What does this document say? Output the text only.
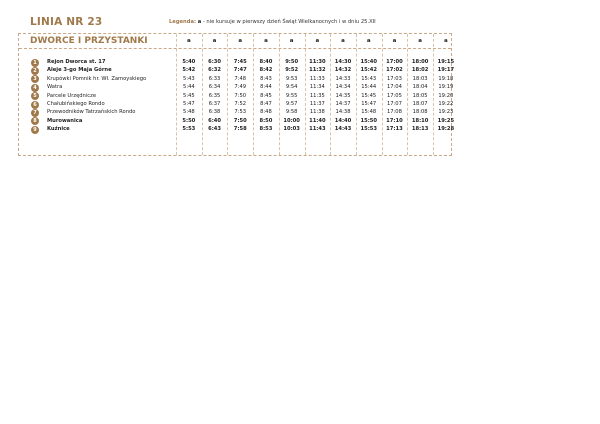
LINIA NR 23	Legenda: a - nie kursuje w pierwszy dzień Świąt Wielkanocnych i w dniu 25.XII
DWORCE I PRZYSTANKI	a	a	a	a	a	a	a	a	a	a	a
1	Rejon Dworca st. 17	5:40	6:30	7:45	8:40	9:50	11:30	14:30	15:40	17:00	18:00	19:15
2	Aleje 3-go Maja Górne	5:42	6:32	7:47	8:42	9:52	11:32	14:32	15:42	17:02	18:02	19:17
3	Krupówki Pomnik hr. Wł. Zamoyskiego	5:43	6:33	7:48	8:43	9:53	11:33	14:33	15:43	17:03	18:03	19:18
4	Watra	5:44	6:34	7:49	8:44	9:54	11:34	14:34	15:44	17:04	18:04	19:19
5	Parcele Urzędnicze	5:45	6:35	7:50	8:45	9:55	11:35	14:35	15:45	17:05	18:05	19:20
6	Chałubińskiego Rondo	5:47	6:37	7:52	8:47	9:57	11:37	14:37	15:47	17:07	18:07	19:22
7	Przewodników Tatrzańskich Rondo	5:48	6:38	7:53	8:48	9:58	11:38	14:38	15:48	17:08	18:08	19:23
8	Murowanica	5:50	6:40	7:50	8:50	10:00	11:40	14:40	15:50	17:10	18:10	19:25
9	Kuźnice	5:53	6:43	7:58	8:53	10:03	11:43	14:43	15:53	17:13	18:13	19:28
